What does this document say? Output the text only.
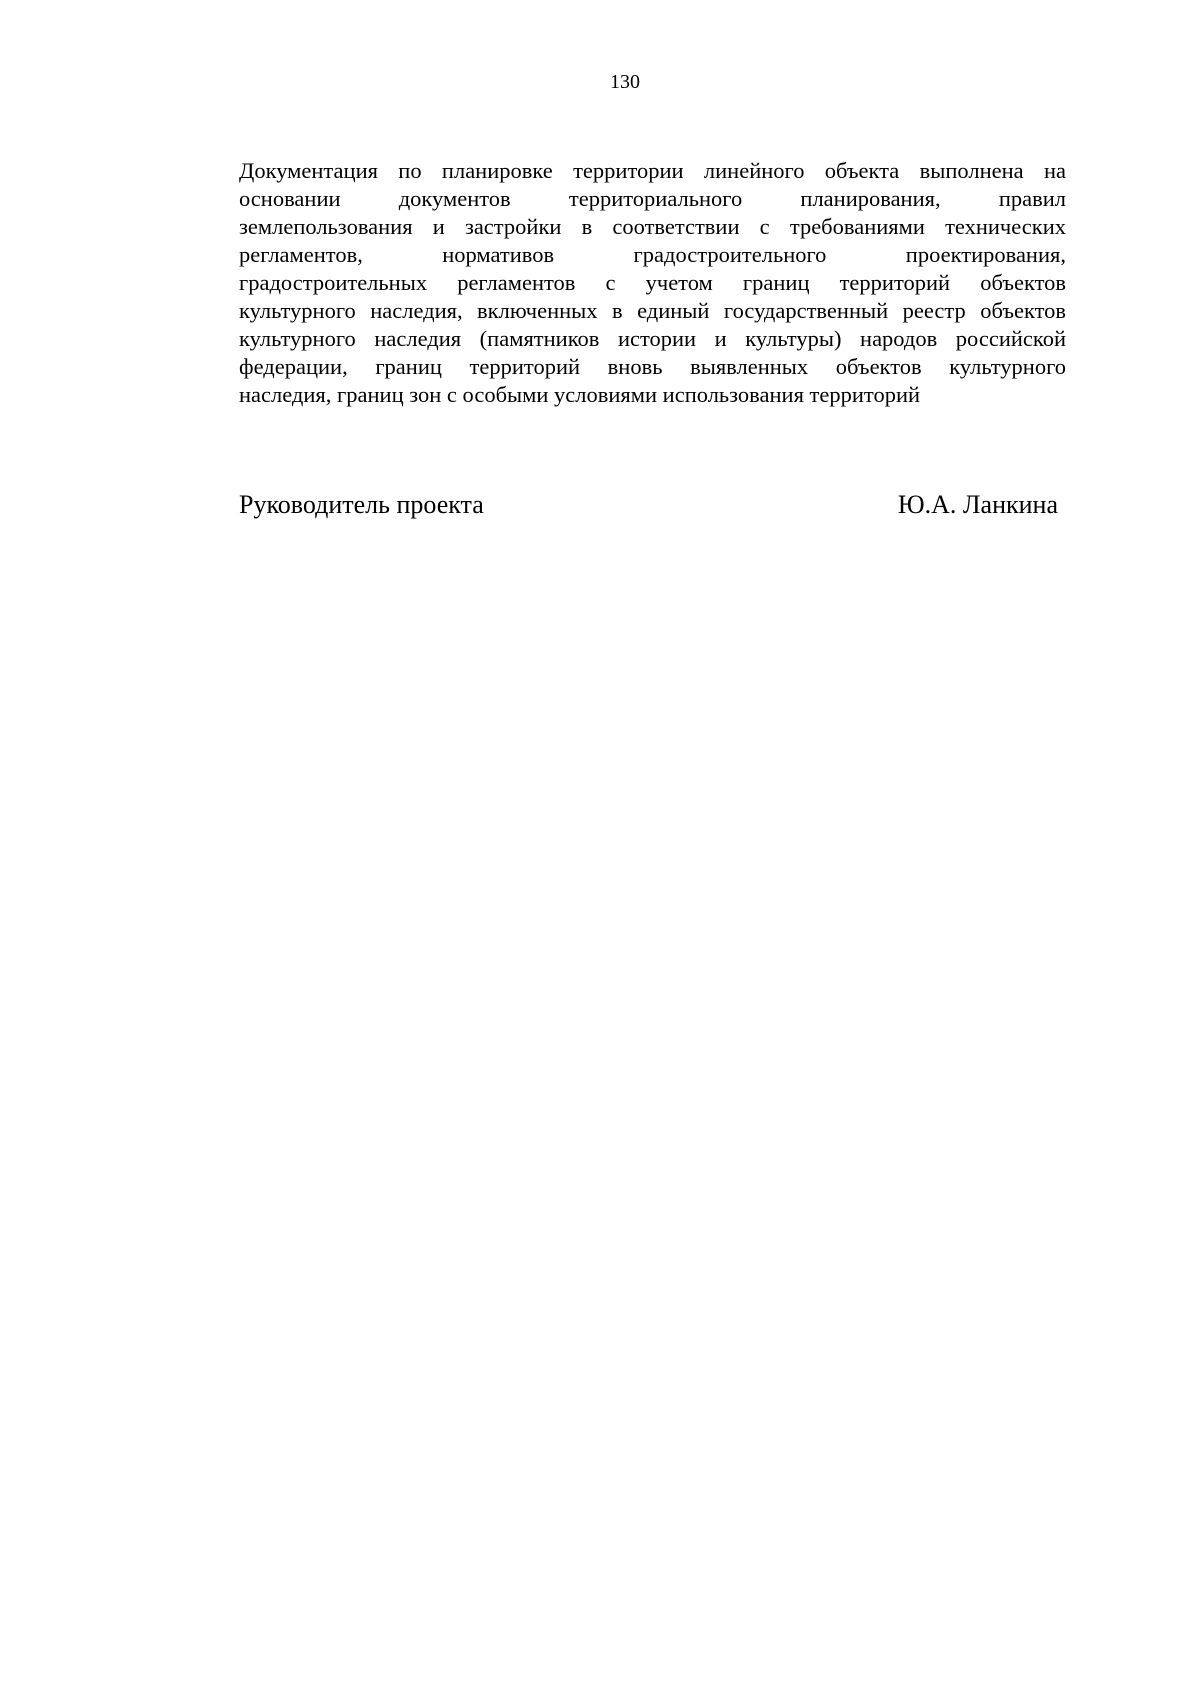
130

Документация по планировке территории линейного объекта выполнена на
основании документов территориального планирования, правил
землепользования и застройки в соответствии с требованиями технических
регламентов, нормативов градостроительного проектирования,
градостроительных регламентов с учетом границ территорий объектов
культурного наследия, включенных в единый государственный реестр объектов
культурного наследия (памятников истории и культуры) народов российской
федерации, границ территорий вновь выявленных объектов культурного
наследия, границ зон с особыми условиями использования территорий

Руководитель проекта	Ю.А. Ланкина
